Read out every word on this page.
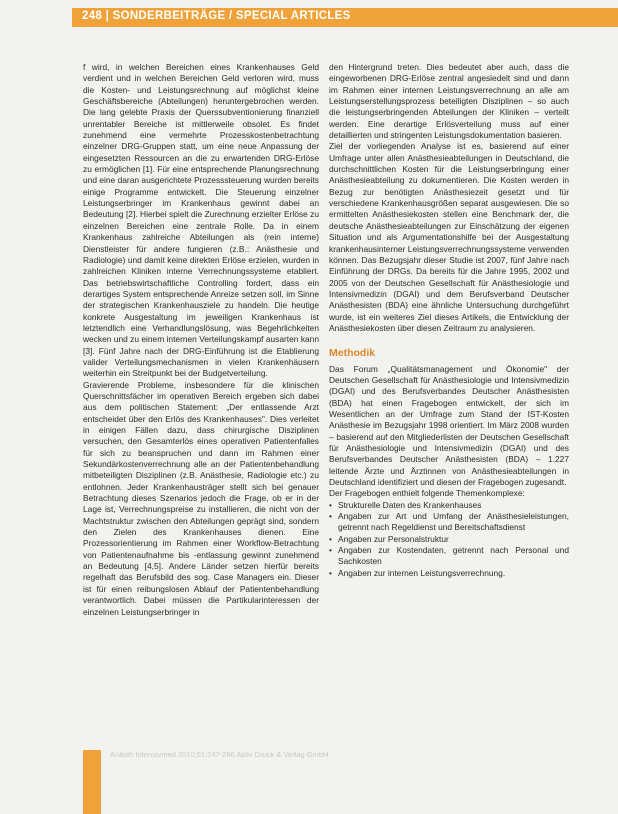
248 | SONDERBEITRÄGE / SPECIAL ARTICLES

f wird, in welchen Bereichen eines Krankenhauses Geld verdient und in welchen Bereichen Geld verloren wird, muss die Kosten- und Leistungsrechnung auf möglichst kleine Geschäftsbereiche (Abteilungen) heruntergebrochen werden. Die lang gelebte Praxis der Querssubventionierung finanziell unrentabler Bereiche ist mittlerweile obsolet. Es findet zunehmend eine vermehrte Prozesskostenbetrachtung einzelner DRG-Gruppen statt, um eine neue Anpassung der eingesetzten Ressourcen an die zu erwartenden DRG-Erlöse zu ermöglichen [1]. Für eine entsprechende Planungsrechnung und eine daran ausgerichtete Prozesssteuerung wurden bereits einige Programme entwickelt. Die Steuerung einzelner Leistungserbringer im Krankenhaus gewinnt dabei an Bedeutung [2]. Hierbei spielt die Zurechnung erzielter Erlöse zu einzelnen Bereichen eine zentrale Rolle. Da in einem Krankenhaus zahlreiche Abteilungen als (rein interne) Dienstleister für andere fungieren (z.B.: Anästhesie und Radiologie) und damit keine direkten Erlöse erzielen, wurden in zahlreichen Kliniken interne Verrechnungssysteme etabliert. Das betriebswirtschaftliche Controlling fordert, dass ein derartiges System entsprechende Anreize setzen soll, im Sinne der strategischen Krankenhausziele zu handeln. Die heutige konkrete Ausgestaltung im jeweiligen Krankenhaus ist letztendlich eine Verhandlungslösung, was Begehrlichkeiten wecken und zu einem internen Verteilungskampf ausarten kann [3]. Fünf Jahre nach der DRG-Einführung ist die Etablierung valider Verteilungsmechanismen in vielen Krankenhäusern weiterhin ein Streitpunkt bei der Budgetverteilung.

Gravierende Probleme, insbesondere für die klinischen Querschnittsfächer im operativen Bereich ergeben sich dabei aus dem politischen Statement: „Der entlassende Arzt entscheidet über den Erlös des Krankenhauses". Dies verleitet in einigen Fällen dazu, dass chirurgische Disziplinen versuchen, den Gesamterlös eines operativen Patientenfalles für sich zu beanspruchen und dann im Rahmen einer Sekundärkostenverrechnung alle an der Patientenbehandlung mitbeteiligten Disziplinen (z.B. Anästhesie, Radiologie etc.) zu entlohnen. Jeder Krankenhausträger stellt sich bei genauer Betrachtung dieses Szenarios jedoch die Frage, ob er in der Lage ist, Verrechnungspreise zu installieren, die nicht von der Machtstruktur zwischen den Abteilungen geprägt sind, sondern den Zielen des Krankenhauses dienen. Eine Prozessorientierung im Rahmen einer Workflow-Betrachtung von Patientenaufnahme bis -entlassung gewinnt zunehmend an Bedeutung [4,5]. Andere Länder setzen hierfür bereits regelhaft das Berufsbild des sog. Case Managers ein. Dieser ist für einen reibungslosen Ablauf der Patientenbehandlung verantwortlich. Dabei müssen die Partikularinteressen der einzelnen Leistungserbringer in

den Hintergrund treten. Dies bedeutet aber auch, dass die eingeworbenen DRG-Erlöse zentral angesiedelt sind und dann im Rahmen einer internen Leistungsverrechnung an alle am Leistungserstellungsprozess beteiligten Disziplinen – so auch die leistungserbringenden Abteilungen der Kliniken – verteilt werden. Eine derartige Erlösverteilung muss auf einer detaillierten und stringenten Leistungsdokumentation basieren.

Ziel der vorliegenden Analyse ist es, basierend auf einer Umfrage unter allen Anästhesieabteilungen in Deutschland, die durchschnittlichen Kosten für die Leistungserbringung einer Anästhesieabteilung zu dokumentieren. Die Kosten werden in Bezug zur benötigten Anästhesiezeit gesetzt und für verschiedene Krankenhausgrößen separat ausgewiesen. Die so ermittelten Anästhesiekosten stellen eine Benchmark der, die deutsche Anästhesieabteilungen zur Einschätzung der eigenen Situation und als Argumentationshilfe bei der Ausgestaltung krankenhausinterner Leistungsverrechnungssysteme verwenden können. Das Bezugsjahr dieser Studie ist 2007, fünf Jahre nach Einführung der DRGs. Da bereits für die Jahre 1995, 2002 und 2005 von der Deutschen Gesellschaft für Anästhesiologie und Intensivmedizin (DGAI) und dem Berufsverband Deutscher Anästhesisten (BDA) eine ähnliche Untersuchung durchgeführt wurde, ist ein weiteres Ziel dieses Artikels, die Entwicklung der Anästhesiekosten über diesen Zeitraum zu analysieren.

Methodik

Das Forum „Qualitätsmanagement und Ökonomie" der Deutschen Gesellschaft für Anästhesiologie und Intensivmedizin (DGAI) und des Berufsverbandes Deutscher Anästhesisten (BDA) hat einen Fragebogen entwickelt, der sich im Wesentlichen an der Umfrage zum Stand der IST-Kosten Anästhesie im Bezugsjahr 1998 orientiert. Im März 2008 wurden – basierend auf den Mitgliederlisten der Deutschen Gesellschaft für Anästhesiologie und Intensivmedizin (DGAI) und des Berufsverbandes Deutscher Anästhesisten (BDA) – 1.227 leitende Ärzte und Ärztinnen von Anästhesieabteilungen in Deutschland identifiziert und diesen der Fragebogen zugesandt.

Der Fragebogen enthielt folgende Themenkomplexe:

• Strukturelle Daten des Krankenhauses
• Angaben zur Art und Umfang der Anästhesieleistungen, getrennt nach Regeldienst und Bereitschaftsdienst
• Angaben zur Personalstruktur
• Angaben zur Kostendaten, getrennt nach Personal und Sachkosten
• Angaben zur internen Leistungsverrechnung.
Anästh Intensivmed 2010;51:247-266 Aktiv Druck & Verlag GmbH
